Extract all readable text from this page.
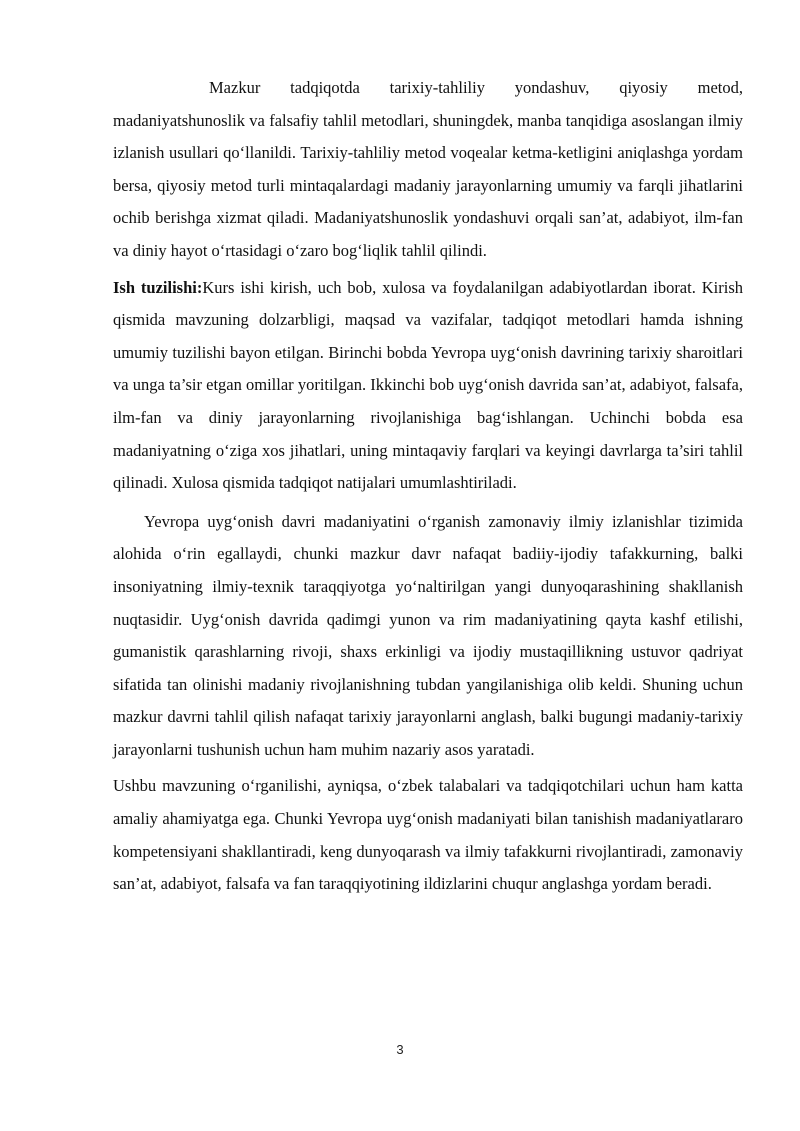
Mazkur tadqiqotda tarixiy-tahliliy yondashuv, qiyosiy metod, madaniyatshunoslik va falsafiy tahlil metodlari, shuningdek, manba tanqidiga asoslangan ilmiy izlanish usullari qo‘llanildi. Tarixiy-tahliliy metod voqealar ketma-ketligini aniqlashga yordam bersa, qiyosiy metod turli mintaqalardagi madaniy jarayonlarning umumiy va farqli jihatlarini ochib berishga xizmat qiladi. Madaniyatshunoslik yondashuvi orqali san’at, adabiyot, ilm-fan va diniy hayot o‘rtasidagi o‘zaro bog‘liqlik tahlil qilindi.

Ish tuzilishi:Kurs ishi kirish, uch bob, xulosa va foydalanilgan adabiyotlardan iborat. Kirish qismida mavzuning dolzarbligi, maqsad va vazifalar, tadqiqot metodlari hamda ishning umumiy tuzilishi bayon etilgan. Birinchi bobda Yevropa uyg‘onish davrining tarixiy sharoitlari va unga ta’sir etgan omillar yoritilgan. Ikkinchi bob uyg‘onish davrida san’at, adabiyot, falsafa, ilm-fan va diniy jarayonlarning rivojlanishiga bag‘ishlangan. Uchinchi bobda esa madaniyatning o‘ziga xos jihatlari, uning mintaqaviy farqlari va keyingi davrlarga ta’siri tahlil qilinadi. Xulosa qismida tadqiqot natijalari umumlashtiriladi.

Yevropa uyg‘onish davri madaniyatini o‘rganish zamonaviy ilmiy izlanishlar tizimida alohida o‘rin egallaydi, chunki mazkur davr nafaqat badiiy-ijodiy tafakkurning, balki insoniyatning ilmiy-texnik taraqqiyotga yo‘naltirilgan yangi dunyoqarashining shakllanish nuqtasidir. Uyg‘onish davrida qadimgi yunon va rim madaniyatining qayta kashf etilishi, gumanistik qarashlarning rivoji, shaxs erkinligi va ijodiy mustaqillikning ustuvor qadriyat sifatida tan olinishi madaniy rivojlanishning tubdan yangilanishiga olib keldi. Shuning uchun mazkur davrni tahlil qilish nafaqat tarixiy jarayonlarni anglash, balki bugungi madaniy-tarixiy jarayonlarni tushunish uchun ham muhim nazariy asos yaratadi.

Ushbu mavzuning o‘rganilishi, ayniqsa, o‘zbek talabalari va tadqiqotchilari uchun ham katta amaliy ahamiyatga ega. Chunki Yevropa uyg‘onish madaniyati bilan tanishish madaniyatlararo kompetensiyani shakllantiradi, keng dunyoqarash va ilmiy tafakkurni rivojlantiradi, zamonaviy san’at, adabiyot, falsafa va fan taraqqiyotining ildizlarini chuqur anglashga yordam beradi.

3
